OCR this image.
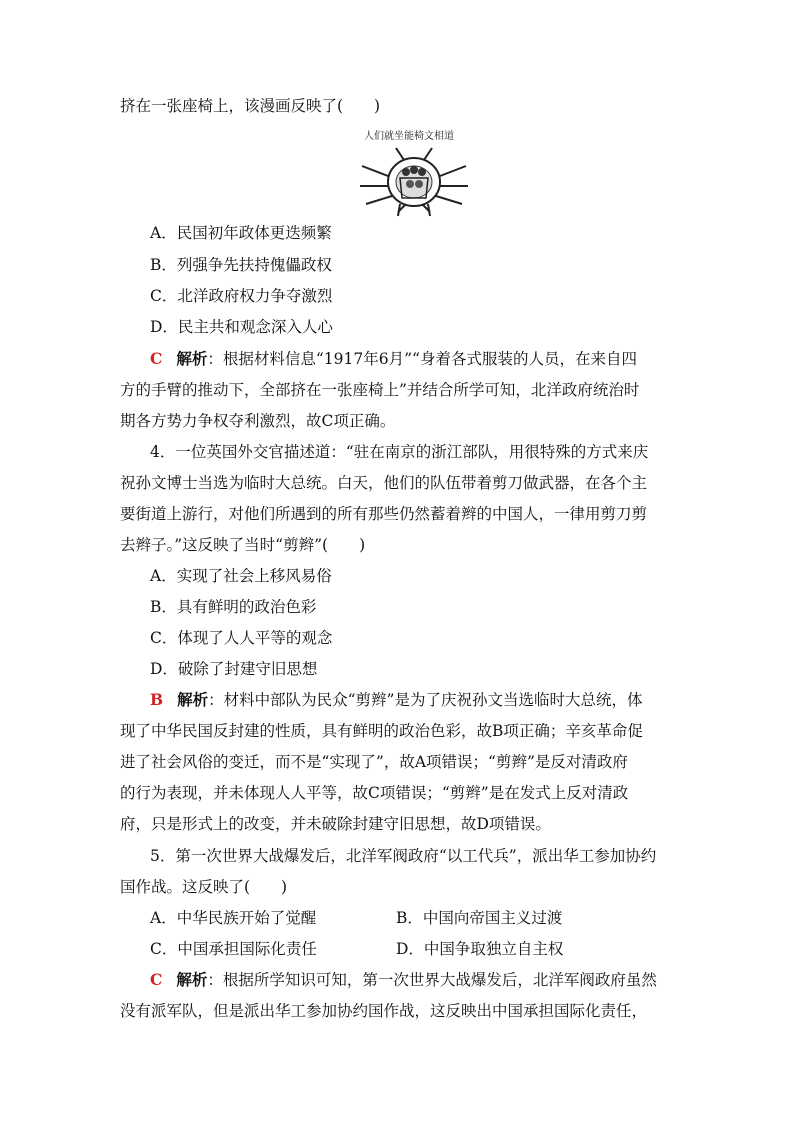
挤在一张座椅上，该漫画反映了(　　)
人们就坐能椅文相道
A．民国初年政体更迭频繁
B．列强争先扶持傀儡政权
C．北洋政府权力争夺激烈
D．民主共和观念深入人心
C 解析：根据材料信息“1917年6月”“身着各式服装的人员，在来自四
方的手臂的推动下，全部挤在一张座椅上”并结合所学可知，北洋政府统治时
期各方势力争权夺利激烈，故C项正确。
4．一位英国外交官描述道：“驻在南京的浙江部队，用很特殊的方式来庆
祝孙文博士当选为临时大总统。白天，他们的队伍带着剪刀做武器，在各个主
要街道上游行，对他们所遇到的所有那些仍然蓄着辫的中国人，一律用剪刀剪
去辫子。”这反映了当时“剪辫”(　　)
A．实现了社会上移风易俗
B．具有鲜明的政治色彩
C．体现了人人平等的观念
D．破除了封建守旧思想
B 解析：材料中部队为民众“剪辫”是为了庆祝孙文当选临时大总统，体
现了中华民国反封建的性质，具有鲜明的政治色彩，故B项正确；辛亥革命促
进了社会风俗的变迁，而不是“实现了”，故A项错误；“剪辫”是反对清政府
的行为表现，并未体现人人平等，故C项错误；“剪辫”是在发式上反对清政
府，只是形式上的改变，并未破除封建守旧思想，故D项错误。
5．第一次世界大战爆发后，北洋军阀政府“以工代兵”，派出华工参加协约
国作战。这反映了(　　)
A．中华民族开始了觉醒	B．中国向帝国主义过渡
C．中国承担国际化责任	D．中国争取独立自主权
C 解析：根据所学知识可知，第一次世界大战爆发后，北洋军阀政府虽然
没有派军队，但是派出华工参加协约国作战，这反映出中国承担国际化责任，
